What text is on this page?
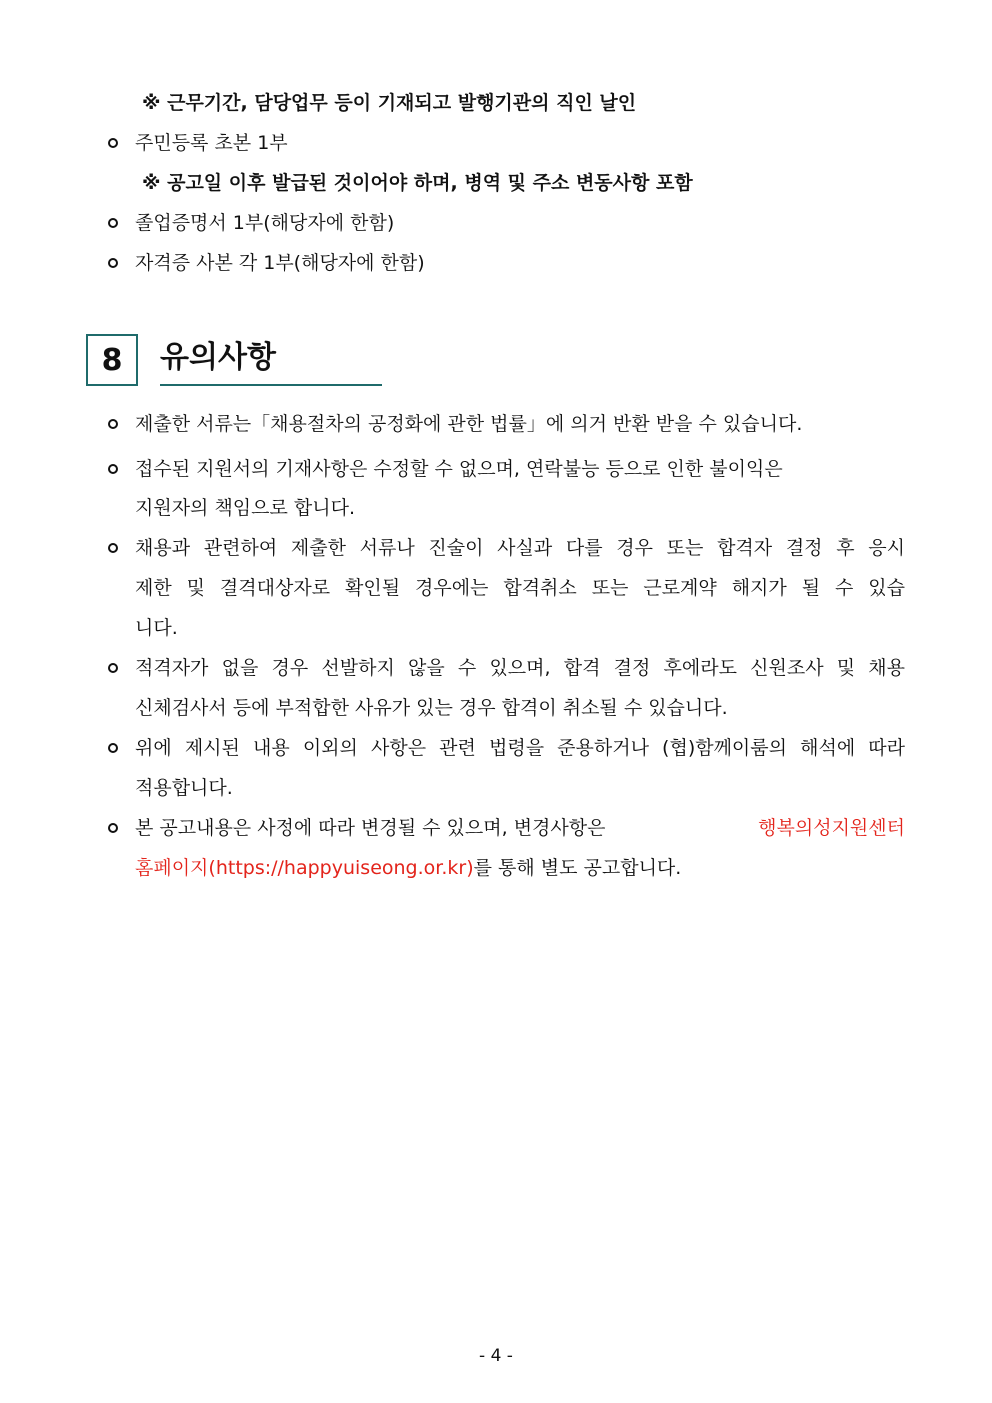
※ 근무기간, 담당업무 등이 기재되고 발행기관의 직인 날인
주민등록 초본 1부
※ 공고일 이후 발급된 것이어야 하며, 병역 및 주소 변동사항 포함
졸업증명서 1부(해당자에 한함)
자격증 사본 각 1부(해당자에 한함)
8 유의사항
제출한 서류는「채용절차의 공정화에 관한 법률」에 의거 반환 받을 수 있습니다.
접수된 지원서의 기재사항은 수정할 수 없으며, 연락불능 등으로 인한 불이익은
지원자의 책임으로 합니다.
채용과 관련하여 제출한 서류나 진술이 사실과 다를 경우 또는 합격자 결정 후 응시
제한 및 결격대상자로 확인될 경우에는 합격취소 또는 근로계약 해지가 될 수 있습
니다.
적격자가 없을 경우 선발하지 않을 수 있으며, 합격 결정 후에라도 신원조사 및 채용
신체검사서 등에 부적합한 사유가 있는 경우 합격이 취소될 수 있습니다.
위에 제시된 내용 이외의 사항은 관련 법령을 준용하거나 (협)함께이룸의 해석에 따라
적용합니다.
본 공고내용은 사정에 따라 변경될 수 있으며, 변경사항은	행복의성지원센터
홈페이지(https://happyuiseong.or.kr)를 통해 별도 공고합니다.
- 4 -
